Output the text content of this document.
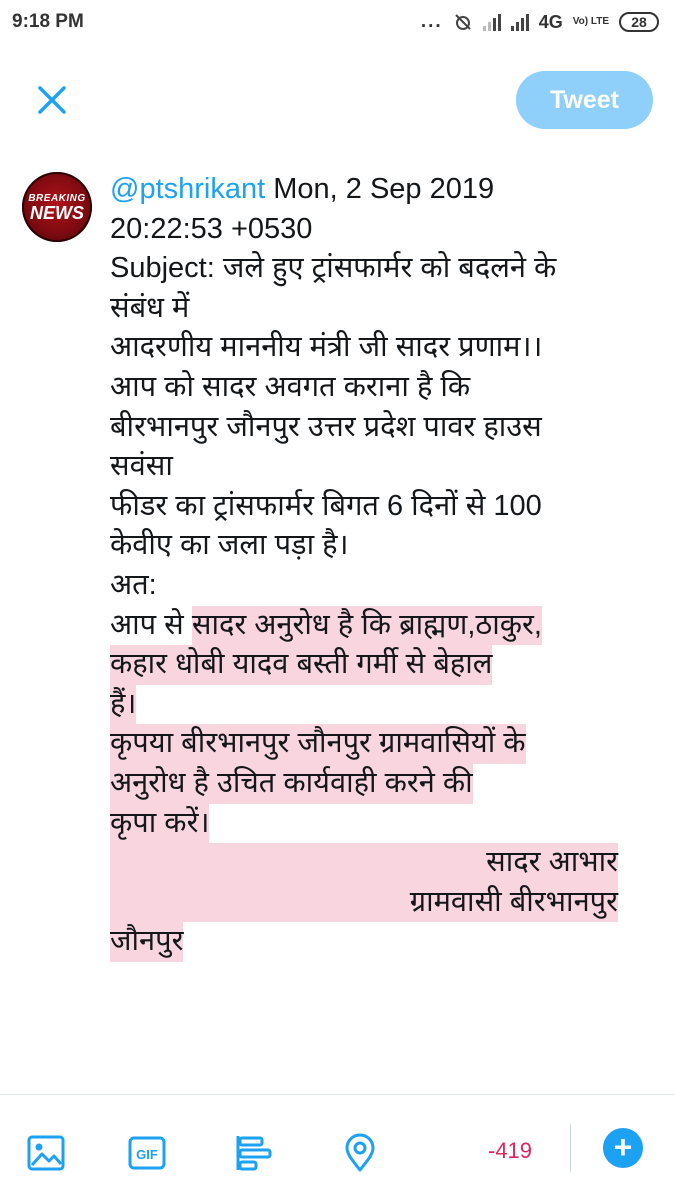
9:18 PM	...	4G Vo) LTE	28
Tweet
BREAKING
NEWS
@ptshrikant Mon, 2 Sep 2019
20:22:53 +0530
Subject: जले हुए ट्रांसफार्मर को बदलने के
संबंध में
आदरणीय माननीय मंत्री जी सादर प्रणाम।।
आप को सादर अवगत कराना है कि
बीरभानपुर जौनपुर उत्तर प्रदेश पावर हाउस
सवंसा
फीडर का ट्रांसफार्मर बिगत 6 दिनों से 100
केवीए का जला पड़ा है।
अत:
आप से सादर अनुरोध है कि ब्राह्मण,ठाकुर,
कहार धोबी यादव बस्ती गर्मी से बेहाल
हैं।
कृपया बीरभानपुर जौनपुर ग्रामवासियों के
अनुरोध है उचित कार्यवाही करने की
कृपा करें।
सादर आभार
ग्रामवासी बीरभानपुर
जौनपुर
GIF	-419	+
